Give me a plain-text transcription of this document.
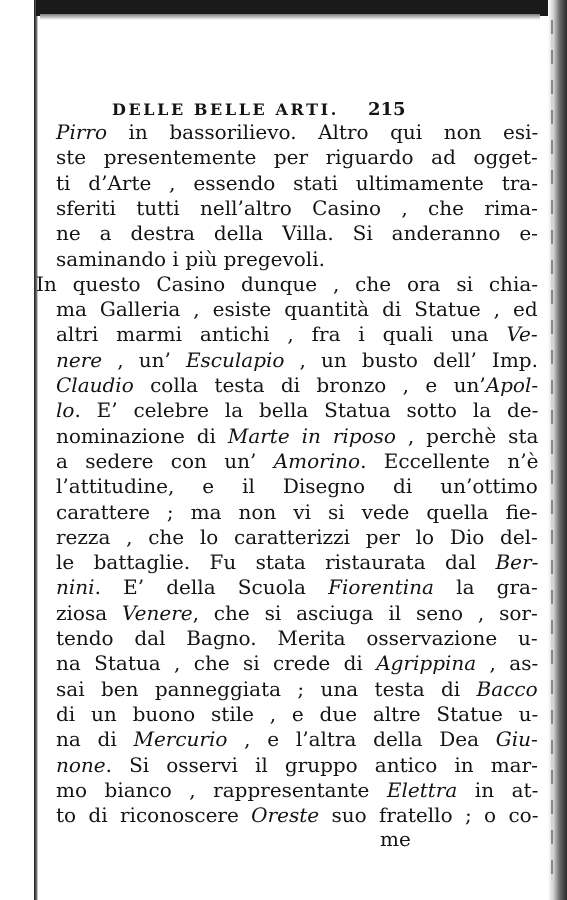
DELLE BELLE ARTI. 215
Pirro in bassorilievo. Altro qui non esi-
ste presentemente per riguardo ad ogget-
ti d’Arte , essendo stati ultimamente tra-
sferiti tutti nell’altro Casino , che rima-
ne a destra della Villa. Si anderanno e-
saminando i più pregevoli.
In questo Casino dunque , che ora si chia-
ma Galleria , esiste quantità di Statue , ed
altri marmi antichi , fra i quali una Ve-
nere , un’ Esculapio , un busto dell’ Imp.
Claudio colla testa di bronzo , e un’Apol-
lo. E’ celebre la bella Statua sotto la de-
nominazione di Marte in riposo , perchè sta
a sedere con un’ Amorino. Eccellente n’è
l’attitudine, e il Disegno di un’ottimo
carattere ; ma non vi si vede quella fie-
rezza , che lo caratterizzi per lo Dio del-
le battaglie. Fu stata ristaurata dal Ber-
nini. E’ della Scuola Fiorentina la gra-
ziosa Venere, che si asciuga il seno , sor-
tendo dal Bagno. Merita osservazione u-
na Statua , che si crede di Agrippina , as-
sai ben panneggiata ; una testa di Bacco
di un buono stile , e due altre Statue u-
na di Mercurio , e l’altra della Dea Giu-
none. Si osservi il gruppo antico in mar-
mo bianco , rappresentante Elettra in at-
to di riconoscere Oreste suo fratello ; o co-
me
